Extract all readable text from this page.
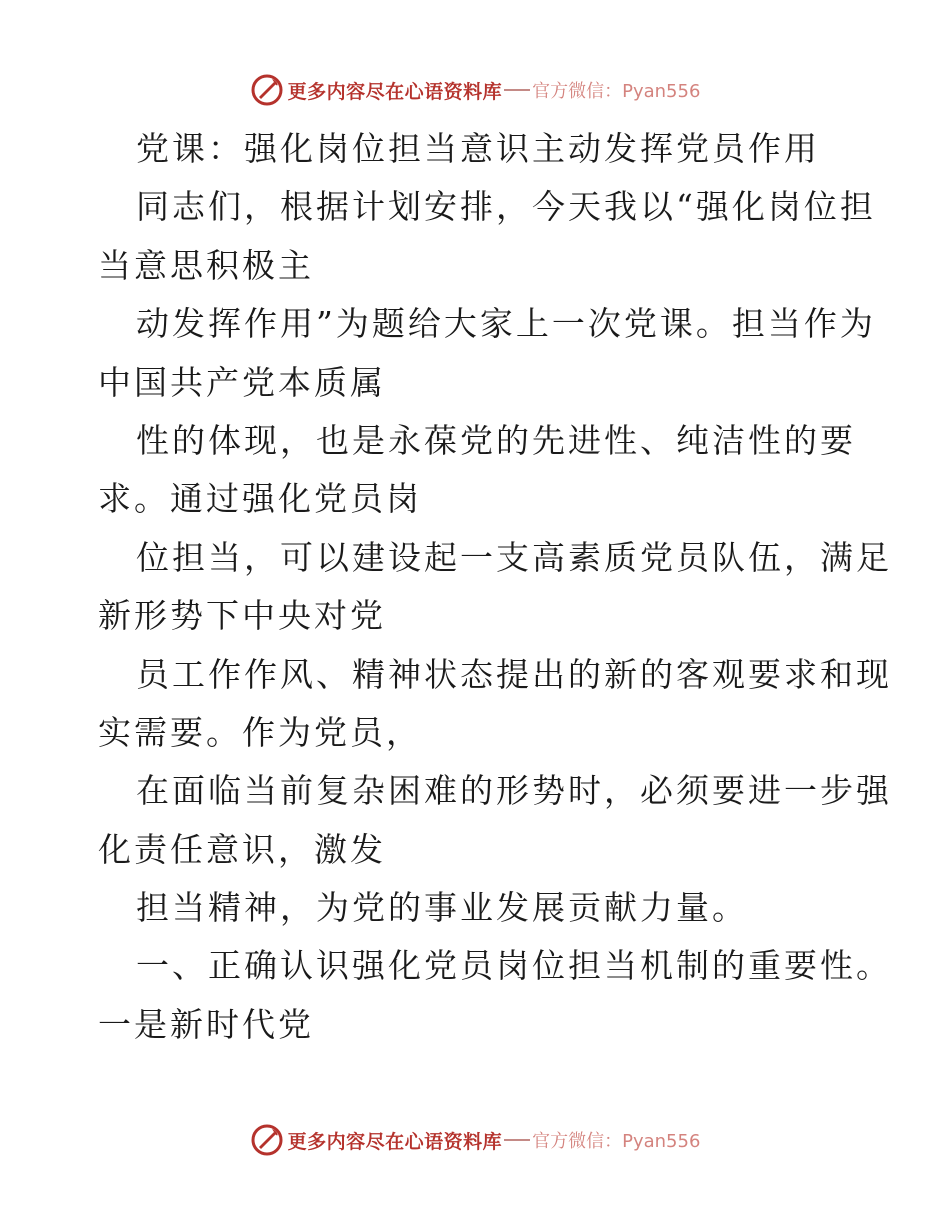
更多内容尽在心语资料库 官方微信：Pyan556
党课：强化岗位担当意识主动发挥党员作用
同志们，根据计划安排，今天我以“强化岗位担
当意思积极主
动发挥作用”为题给大家上一次党课。担当作为
中国共产党本质属
性的体现，也是永葆党的先进性、纯洁性的要
求。通过强化党员岗
位担当，可以建设起一支高素质党员队伍，满足
新形势下中央对党
员工作作风、精神状态提出的新的客观要求和现
实需要。作为党员，
在面临当前复杂困难的形势时，必须要进一步强
化责任意识，激发
担当精神，为党的事业发展贡献力量。
一、正确认识强化党员岗位担当机制的重要性。
一是新时代党
更多内容尽在心语资料库 官方微信：Pyan556
